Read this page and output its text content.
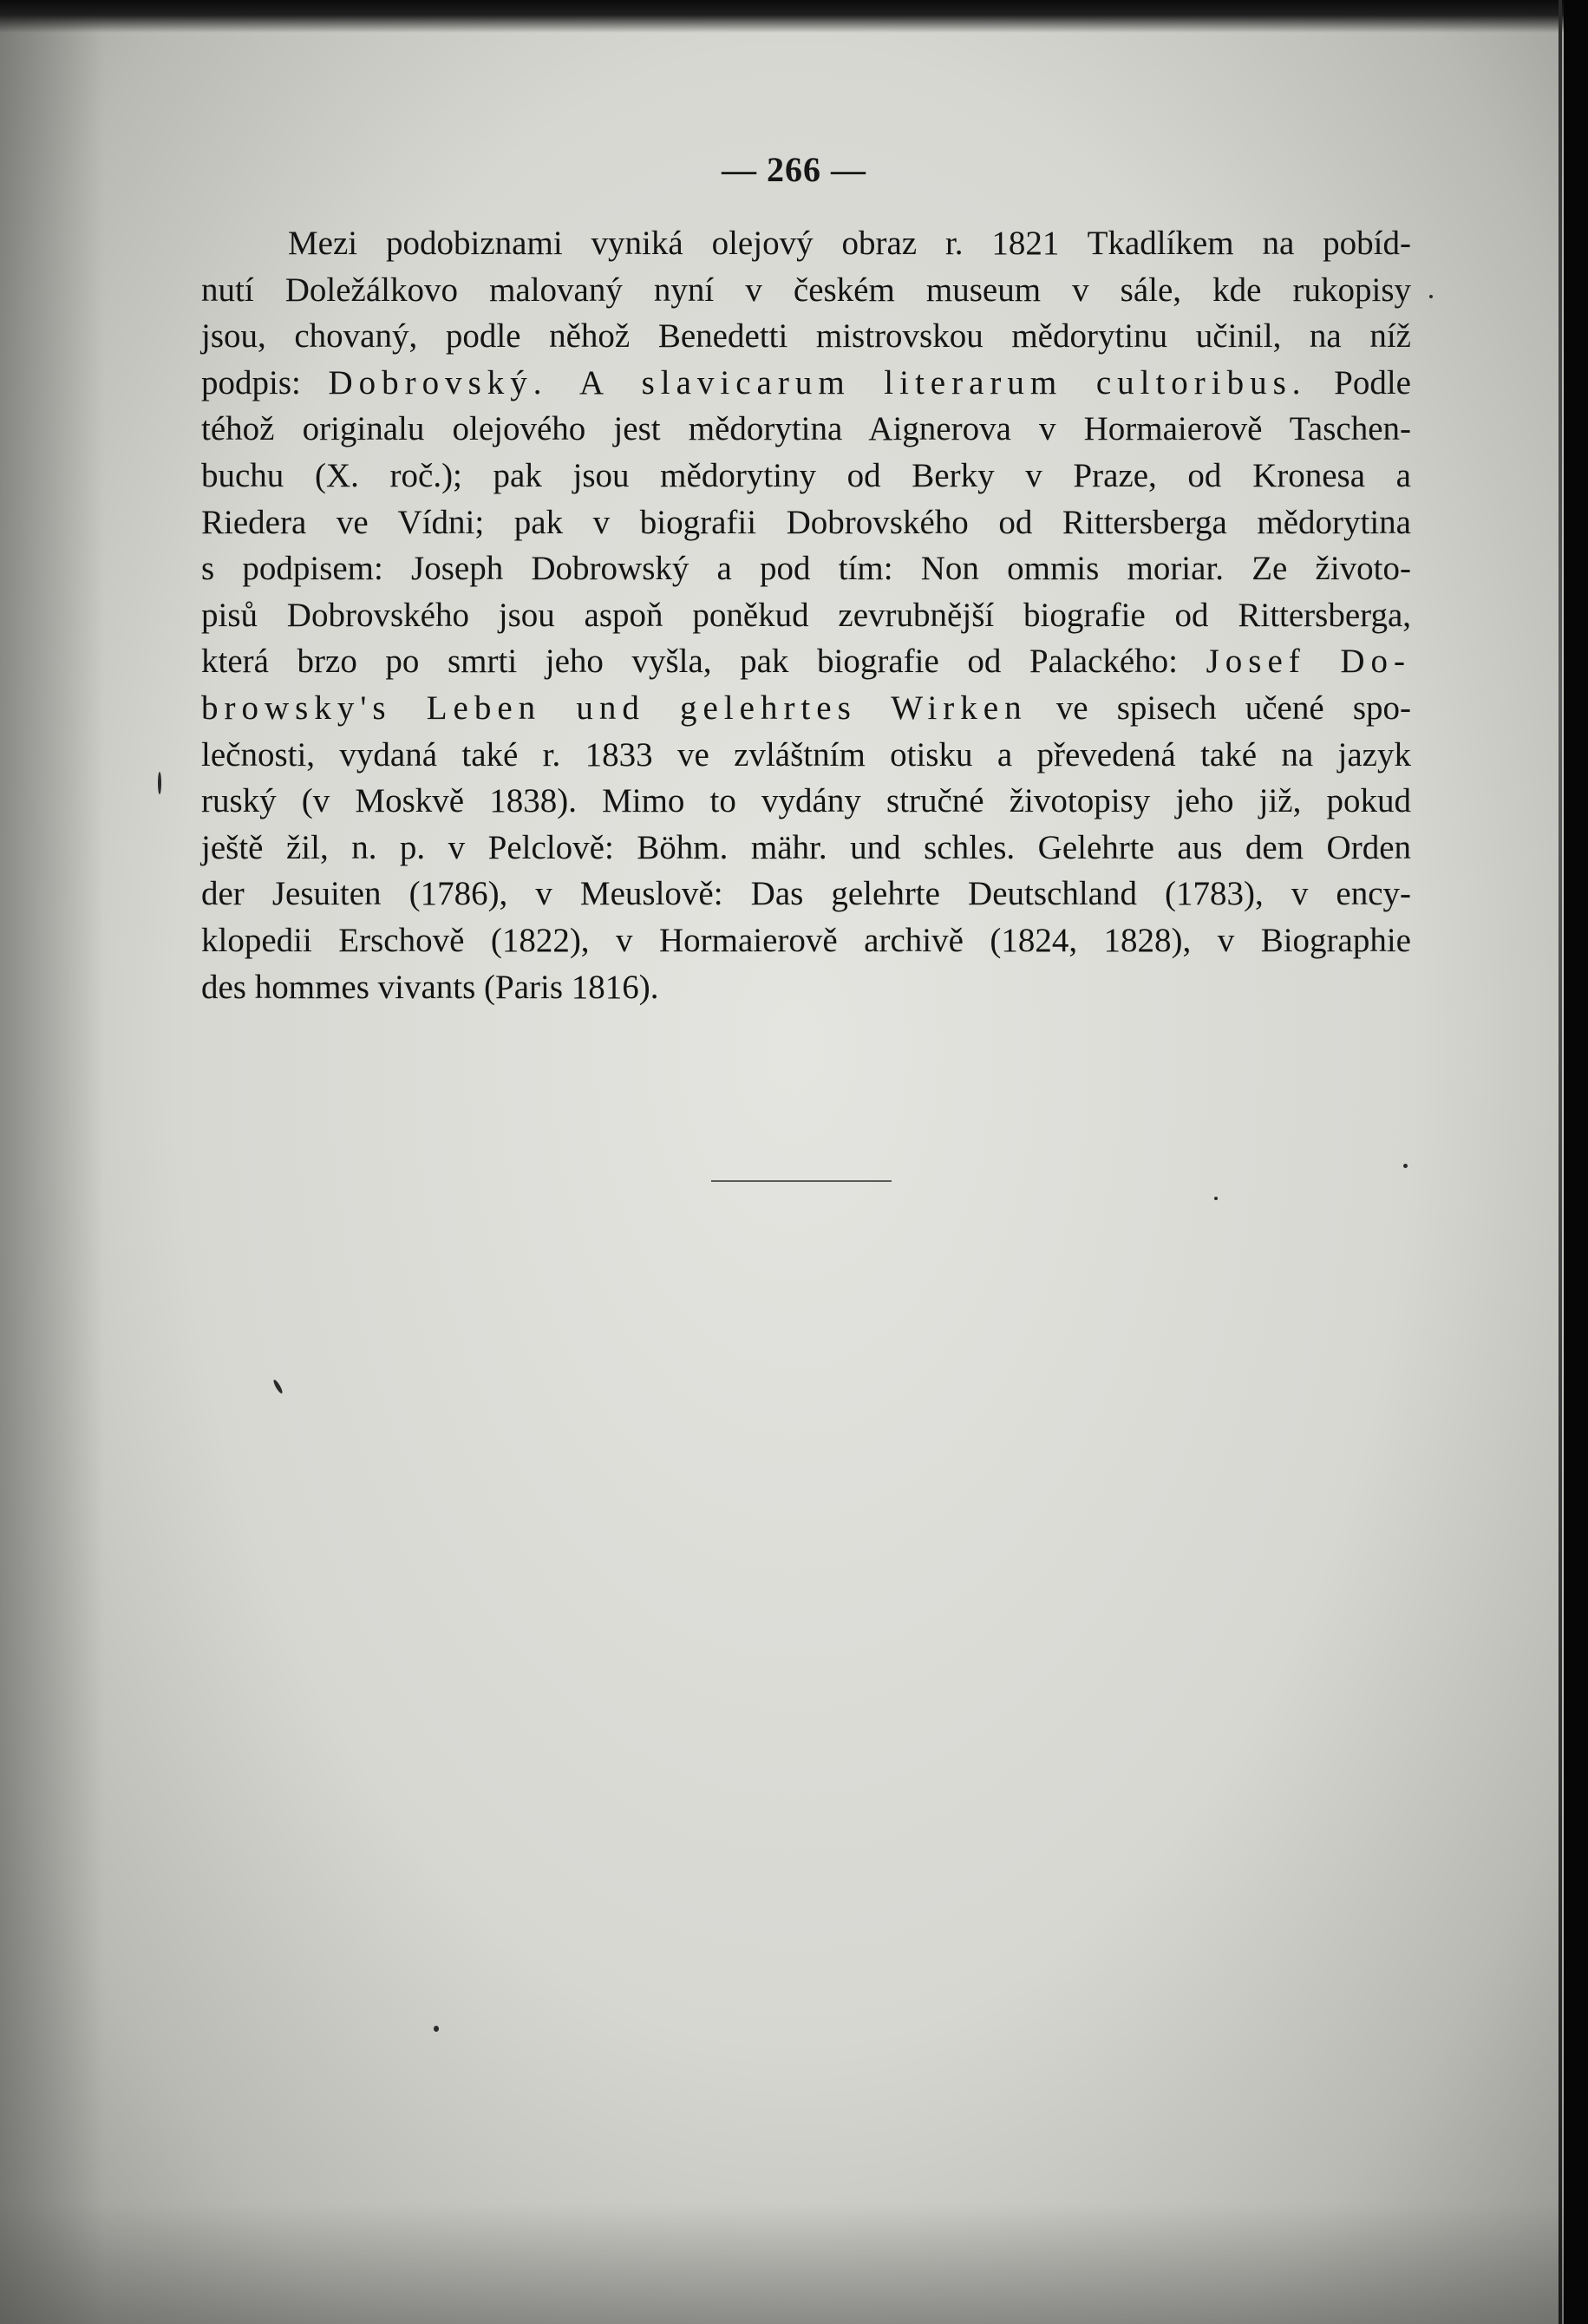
— 266 —
Mezi podobiznami vyniká olejový obraz r. 1821 Tkadlíkem na pobíd-
nutí Doležálkovo malovaný nyní v českém museum v sále, kde rukopisy
jsou, chovaný, podle něhož Benedetti mistrovskou mědorytinu učinil, na níž
podpis: Dobrovský. A slavicarum literarum cultoribus. Podle
téhož originalu olejového jest mědorytina Aignerova v Hormaierově Taschen-
buchu (X. roč.); pak jsou mědorytiny od Berky v Praze, od Kronesa a
Riedera ve Vídni; pak v biografii Dobrovského od Rittersberga mědorytina
s podpisem: Joseph Dobrowský a pod tím: Non ommis moriar. Ze životo-
pisů Dobrovského jsou aspoň poněkud zevrubnější biografie od Rittersberga,
která brzo po smrti jeho vyšla, pak biografie od Palackého: Josef Do-
browsky's Leben und gelehrtes Wirken ve spisech učené spo-
lečnosti, vydaná také r. 1833 ve zvláštním otisku a převedená také na jazyk
ruský (v Moskvě 1838). Mimo to vydány stručné životopisy jeho již, pokud
ještě žil, n. p. v Pelclově: Böhm. mähr. und schles. Gelehrte aus dem Orden
der Jesuiten (1786), v Meuslově: Das gelehrte Deutschland (1783), v ency-
klopedii Erschově (1822), v Hormaierově archivě (1824, 1828), v Biographie
des hommes vivants (Paris 1816).
